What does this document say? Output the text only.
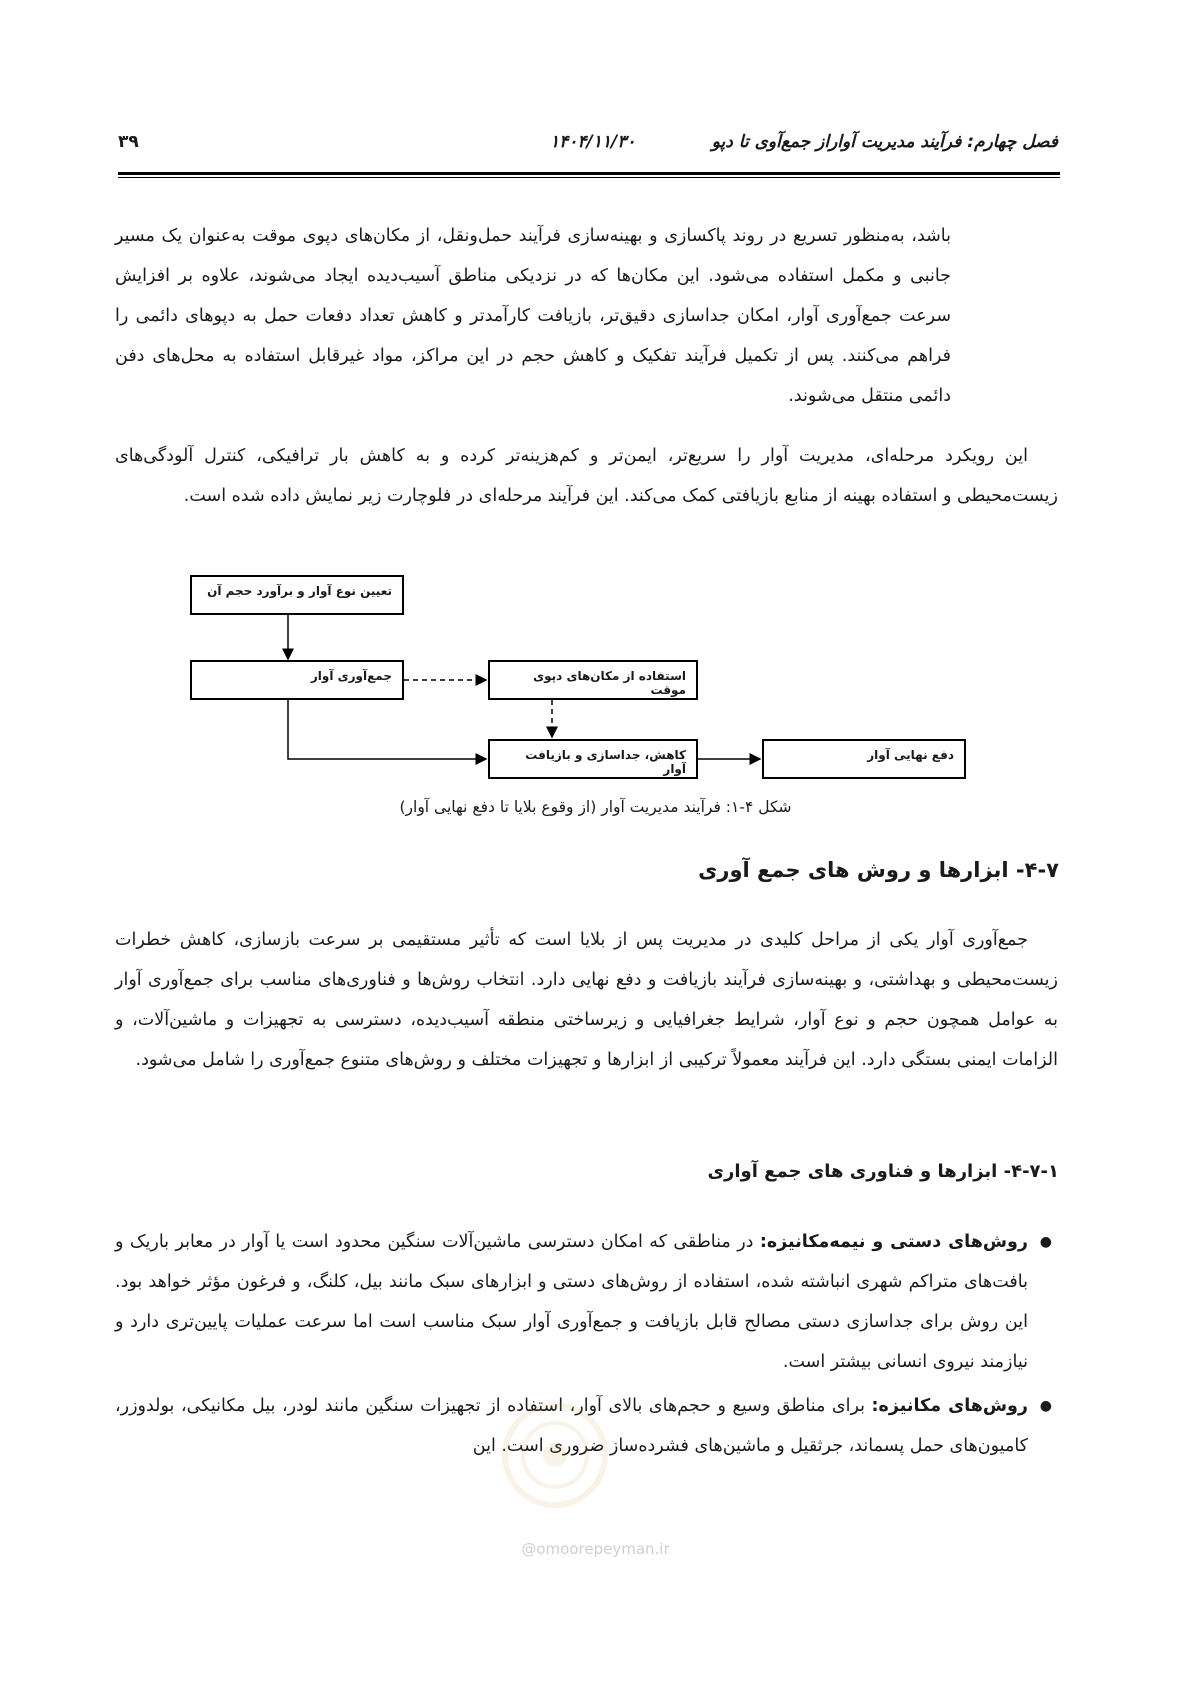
فصل چهارم: فرآیند مدیریت آواراز جمع‌آوی تا دپو
۱۴۰۴/۱۱/۳۰
۳۹

باشد، به‌منظور تسریع در روند پاکسازی و بهینه‌سازی فرآیند حمل‌ونقل، از مکان‌های دپوی موقت به‌عنوان یک مسیر جانبی و مکمل استفاده می‌شود. این مکان‌ها که در نزدیکی مناطق آسیب‌دیده ایجاد می‌شوند، علاوه بر افزایش سرعت جمع‌آوری آوار، امکان جداسازی دقیق‌تر، بازیافت کارآمدتر و کاهش تعداد دفعات حمل به دپوهای دائمی را فراهم می‌کنند. پس از تکمیل فرآیند تفکیک و کاهش حجم در این مراکز، مواد غیرقابل استفاده به محل‌های دفن دائمی منتقل می‌شوند.

این رویکرد مرحله‌ای، مدیریت آوار را سریع‌تر، ایمن‌تر و کم‌هزینه‌تر کرده و به کاهش بار ترافیکی، کنترل آلودگی‌های زیست‌محیطی و استفاده بهینه از منابع بازیافتی کمک می‌کند. این فرآیند مرحله‌ای در فلوچارت زیر نمایش داده شده است.

تعیین نوع آوار و برآورد حجم آن
جمع‌آوری آوار	استفاده از مکان‌های دپوی موقت
کاهش، جداسازی و بازیافت آوار
دفع نهایی آوار
شکل ۴-۱: فرآیند مدیریت آوار (از وقوع بلایا تا دفع نهایی آوار)
۴-۷- ابزارها و روش های جمع آوری

جمع‌آوری آوار یکی از مراحل کلیدی در مدیریت پس از بلایا است که تأثیر مستقیمی بر سرعت بازسازی، کاهش خطرات زیست‌محیطی و بهداشتی، و بهینه‌سازی فرآیند بازیافت و دفع نهایی دارد. انتخاب روش‌ها و فناوری‌های مناسب برای جمع‌آوری آوار به عوامل همچون حجم و نوع آوار، شرایط جغرافیایی و زیرساختی منطقه آسیب‌دیده، دسترسی به تجهیزات و ماشین‌آلات، و الزامات ایمنی بستگی دارد. این فرآیند معمولاً ترکیبی از ابزارها و تجهیزات مختلف و روش‌های متنوع جمع‌آوری را شامل می‌شود.

۴-۷-۱- ابزارها و فناوری های جمع آواری
●
روش‌های دستی و نیمه‌مکانیزه: در مناطقی که امکان دسترسی ماشین‌آلات سنگین محدود است یا آوار در معابر باریک و بافت‌های متراکم شهری انباشته شده، استفاده از روش‌های دستی و ابزارهای سبک مانند بیل، کلنگ، و فرغون مؤثر خواهد بود. این روش برای جداسازی دستی مصالح قابل بازیافت و جمع‌آوری آوار سبک مناسب است اما سرعت عملیات پایین‌تری دارد و نیازمند نیروی انسانی بیشتر است.
●
روش‌های مکانیزه: برای مناطق وسیع و حجم‌های بالای آوار، استفاده از تجهیزات سنگین مانند لودر، بیل مکانیکی، بولدوزر، کامیون‌های حمل پسماند، جرثقیل و ماشین‌های فشرده‌ساز ضروری است. این
@omoorepeyman.ir
